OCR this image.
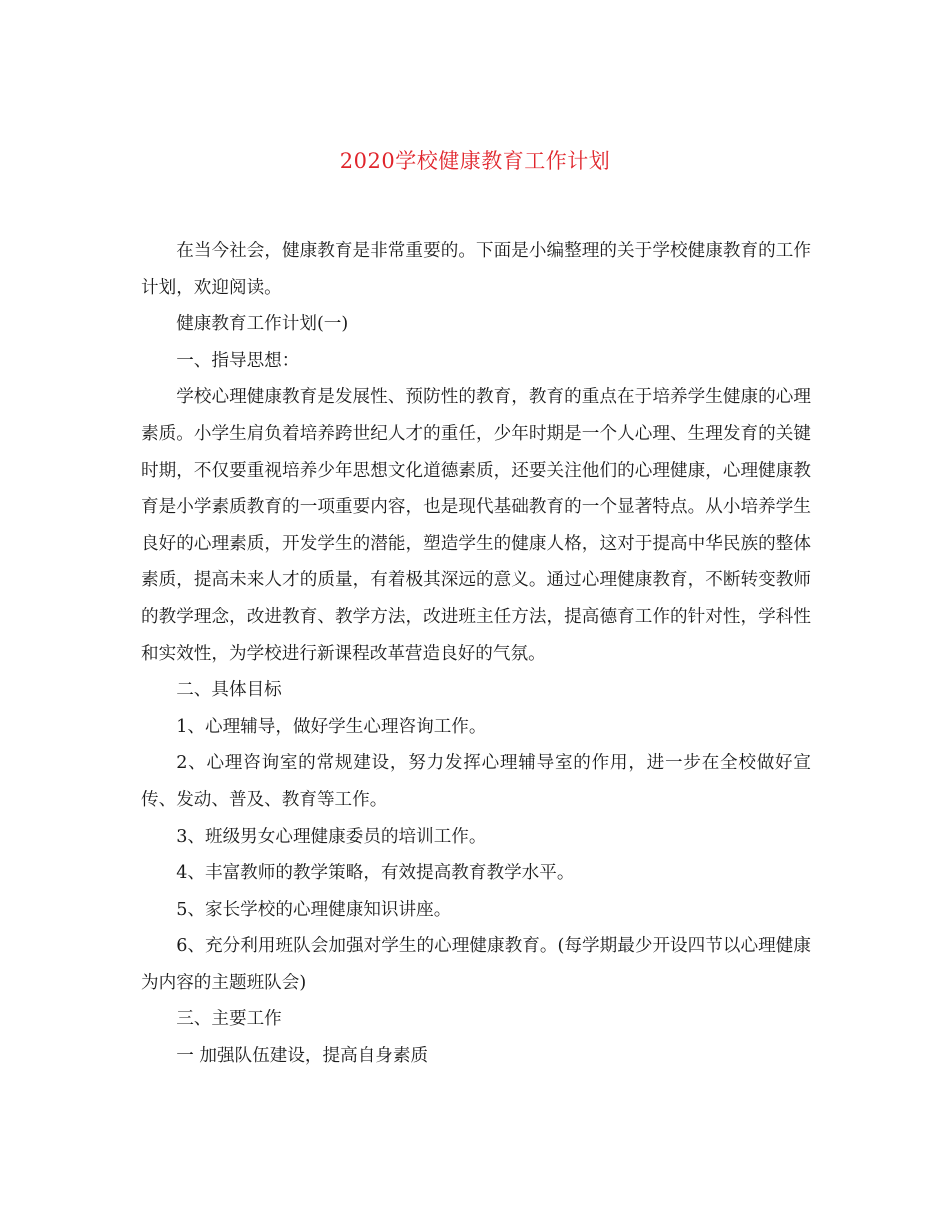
2020学校健康教育工作计划

在当今社会，健康教育是非常重要的。下面是小编整理的关于学校健康教育的工作计划，欢迎阅读。

健康教育工作计划(一)

一、指导思想：

学校心理健康教育是发展性、预防性的教育，教育的重点在于培养学生健康的心理素质。小学生肩负着培养跨世纪人才的重任，少年时期是一个人心理、生理发育的关键时期，不仅要重视培养少年思想文化道德素质，还要关注他们的心理健康，心理健康教育是小学素质教育的一项重要内容，也是现代基础教育的一个显著特点。从小培养学生良好的心理素质，开发学生的潜能，塑造学生的健康人格，这对于提高中华民族的整体素质，提高未来人才的质量，有着极其深远的意义。通过心理健康教育，不断转变教师的教学理念，改进教育、教学方法，改进班主任方法，提高德育工作的针对性，学科性和实效性，为学校进行新课程改革营造良好的气氛。

二、具体目标

1、心理辅导，做好学生心理咨询工作。

2、心理咨询室的常规建设，努力发挥心理辅导室的作用，进一步在全校做好宣传、发动、普及、教育等工作。

3、班级男女心理健康委员的培训工作。

4、丰富教师的教学策略，有效提高教育教学水平。

5、家长学校的心理健康知识讲座。

6、充分利用班队会加强对学生的心理健康教育。(每学期最少开设四节以心理健康为内容的主题班队会)

三、主要工作

一 加强队伍建设，提高自身素质
